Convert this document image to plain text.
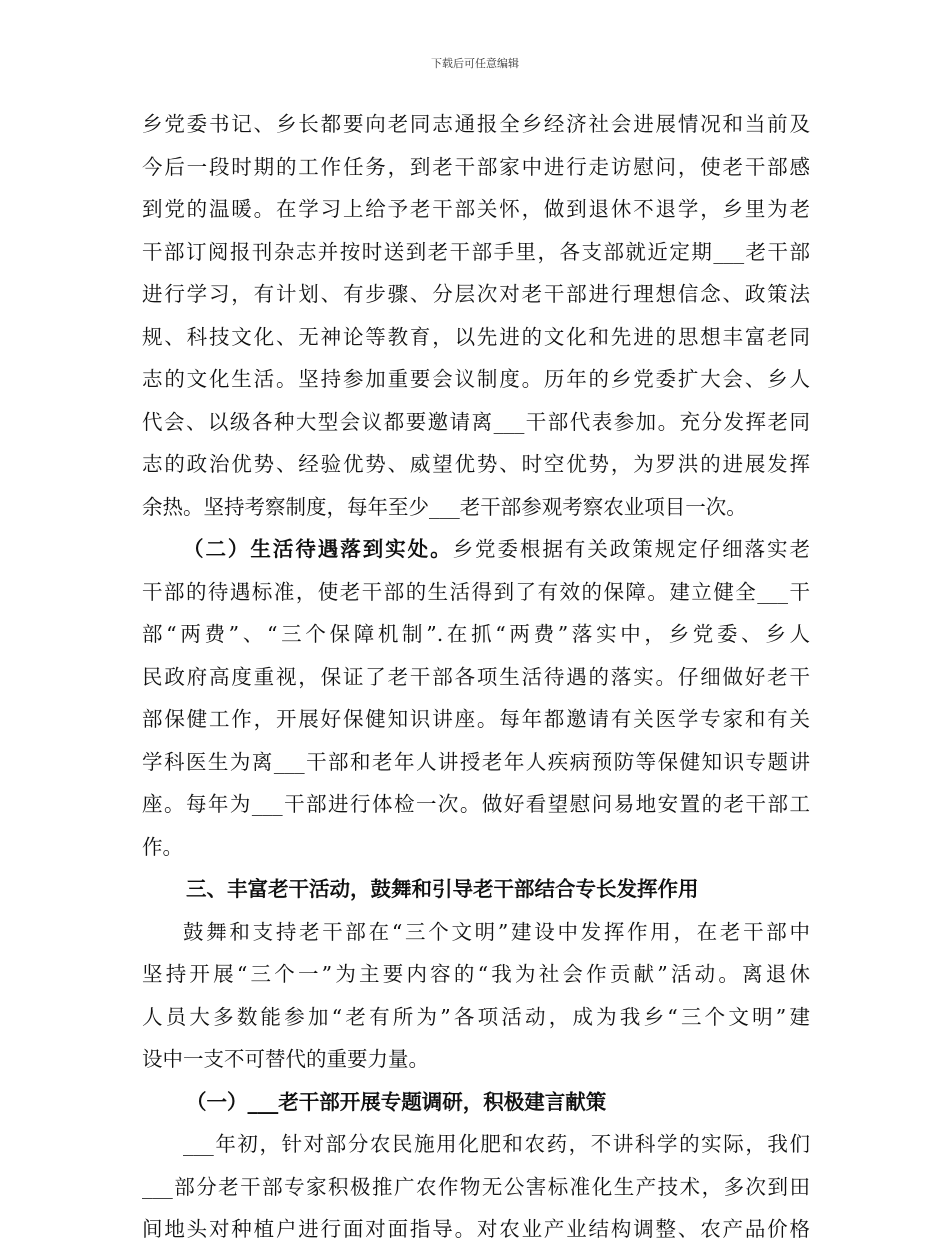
下载后可任意编辑
乡党委书记、乡长都要向老同志通报全乡经济社会进展情况和当前及
今后一段时期的工作任务，到老干部家中进行走访慰问，使老干部感
到党的温暖。在学习上给予老干部关怀，做到退休不退学，乡里为老
干部订阅报刊杂志并按时送到老干部手里，各支部就近定期___老干部
进行学习，有计划、有步骤、分层次对老干部进行理想信念、政策法
规、科技文化、无神论等教育，以先进的文化和先进的思想丰富老同
志的文化生活。坚持参加重要会议制度。历年的乡党委扩大会、乡人
代会、以级各种大型会议都要邀请离___干部代表参加。充分发挥老同
志的政治优势、经验优势、威望优势、时空优势，为罗洪的进展发挥
余热。坚持考察制度，每年至少___老干部参观考察农业项目一次。
（二）生活待遇落到实处。乡党委根据有关政策规定仔细落实老
干部的待遇标准，使老干部的生活得到了有效的保障。建立健全___干
部“两费”、“三个保障机制”.在抓“两费”落实中，乡党委、乡人
民政府高度重视，保证了老干部各项生活待遇的落实。仔细做好老干
部保健工作，开展好保健知识讲座。每年都邀请有关医学专家和有关
学科医生为离___干部和老年人讲授老年人疾病预防等保健知识专题讲
座。每年为___干部进行体检一次。做好看望慰问易地安置的老干部工
作。
三、丰富老干活动，鼓舞和引导老干部结合专长发挥作用
鼓舞和支持老干部在“三个文明”建设中发挥作用，在老干部中
坚持开展“三个一”为主要内容的“我为社会作贡献”活动。离退休
人员大多数能参加“老有所为”各项活动，成为我乡“三个文明”建
设中一支不可替代的重要力量。
（一）___老干部开展专题调研，积极建言献策
___年初，针对部分农民施用化肥和农药，不讲科学的实际，我们
___部分老干部专家积极推广农作物无公害标准化生产技术，多次到田
间地头对种植户进行面对面指导。对农业产业结构调整、农产品价格
